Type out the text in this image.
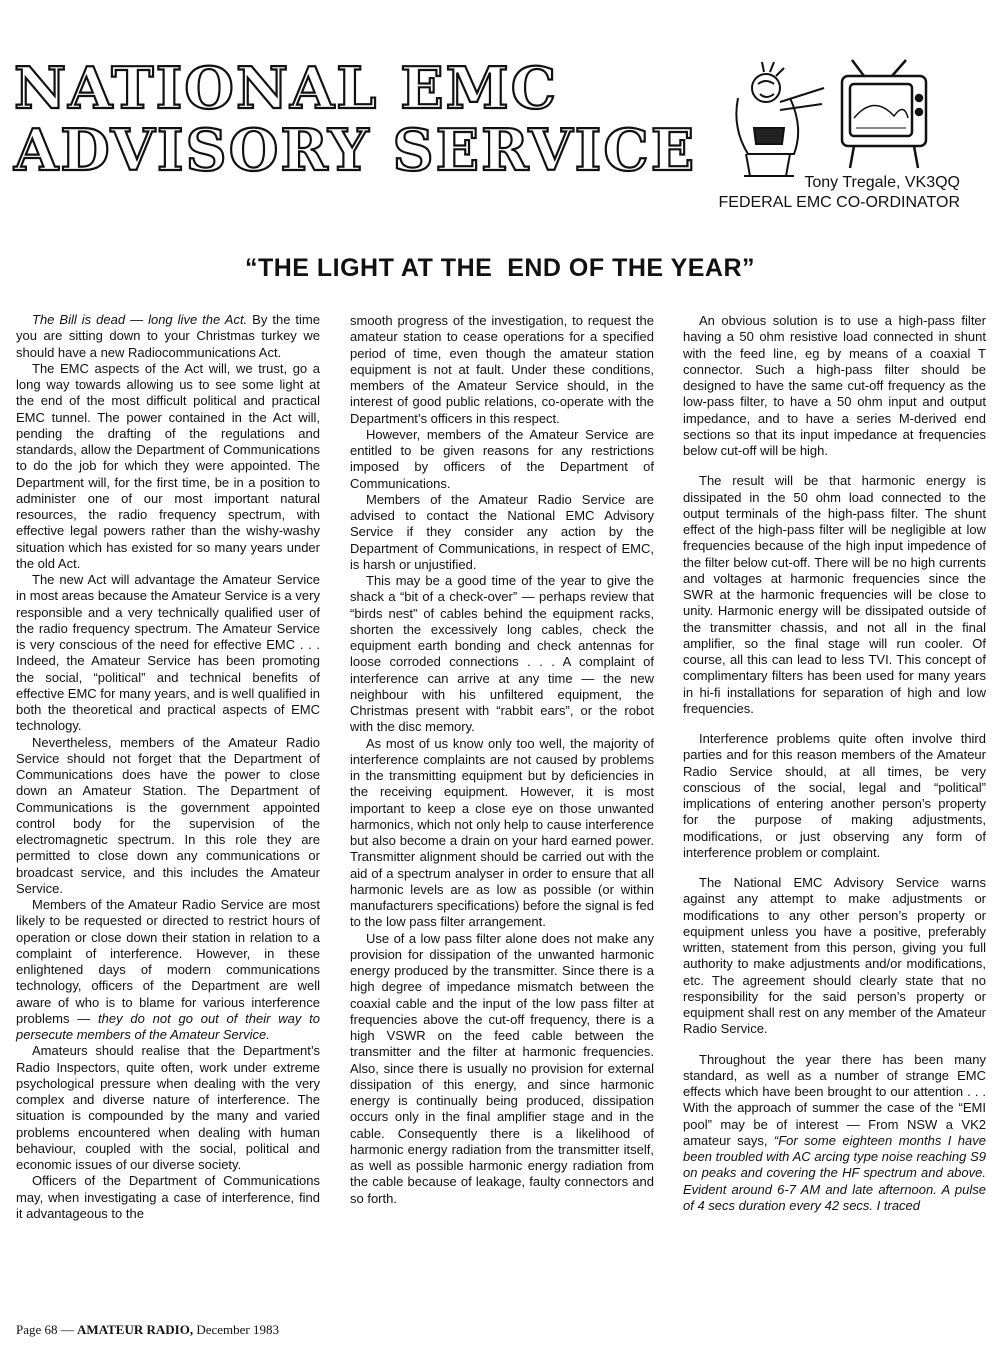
NATIONAL EMC
ADVISORY SERVICE	Tony Tregale, VK3QQ
FEDERAL EMC CO-ORDINATOR
“THE LIGHT AT THE  END OF THE YEAR”

The Bill is dead — long live the Act. By the time you are sitting down to your Christmas turkey we should have a new Radiocommunications Act.

The EMC aspects of the Act will, we trust, go a long way towards allowing us to see some light at the end of the most difficult political and practical EMC tunnel. The power contained in the Act will, pending the drafting of the regulations and standards, allow the Department of Communications to do the job for which they were appointed. The Department will, for the first time, be in a position to administer one of our most important natural resources, the radio frequency spectrum, with effective legal powers rather than the wishy-washy situation which has existed for so many years under the old Act.

The new Act will advantage the Amateur Service in most areas because the Amateur Service is a very responsible and a very technically qualified user of the radio frequency spectrum. The Amateur Service is very conscious of the need for effective EMC . . . Indeed, the Amateur Service has been promoting the social, “political” and technical benefits of effective EMC for many years, and is well qualified in both the theoretical and practical aspects of EMC technology.

Nevertheless, members of the Amateur Radio Service should not forget that the Department of Communications does have the power to close down an Amateur Station. The Department of Communications is the government appointed control body for the supervision of the electromagnetic spectrum. In this role they are permitted to close down any communications or broadcast service, and this includes the Amateur Service.

Members of the Amateur Radio Service are most likely to be requested or directed to restrict hours of operation or close down their station in relation to a complaint of interference. However, in these enlightened days of modern communications technology, officers of the Department are well aware of who is to blame for various interference problems — they do not go out of their way to persecute members of the Amateur Service.

Amateurs should realise that the Department’s Radio Inspectors, quite often, work under extreme psychological pressure when dealing with the very complex and diverse nature of interference. The situation is compounded by the many and varied problems encountered when dealing with human behaviour, coupled with the social, political and economic issues of our diverse society.

Officers of the Department of Communications may, when investigating a case of interference, find it advantageous to the

smooth progress of the investigation, to request the amateur station to cease operations for a specified period of time, even though the amateur station equipment is not at fault. Under these conditions, members of the Amateur Service should, in the interest of good public relations, co-operate with the Department’s officers in this respect.

However, members of the Amateur Service are entitled to be given reasons for any restrictions imposed by officers of the Department of Communications.

Members of the Amateur Radio Service are advised to contact the National EMC Advisory Service if they consider any action by the Department of Communications, in respect of EMC, is harsh or unjustified.

This may be a good time of the year to give the shack a “bit of a check-over” — perhaps review that “birds nest” of cables behind the equipment racks, shorten the excessively long cables, check the equipment earth bonding and check antennas for loose corroded connections . . . A complaint of interference can arrive at any time — the new neighbour with his unfiltered equipment, the Christmas present with “rabbit ears”, or the robot with the disc memory.

As most of us know only too well, the majority of interference complaints are not caused by problems in the transmitting equipment but by deficiencies in the receiving equipment. However, it is most important to keep a close eye on those unwanted harmonics, which not only help to cause interference but also become a drain on your hard earned power. Transmitter alignment should be carried out with the aid of a spectrum analyser in order to ensure that all harmonic levels are as low as possible (or within manufacturers specifications) before the signal is fed to the low pass filter arrangement.

Use of a low pass filter alone does not make any provision for dissipation of the unwanted harmonic energy produced by the transmitter. Since there is a high degree of impedance mismatch between the coaxial cable and the input of the low pass filter at frequencies above the cut-off frequency, there is a high VSWR on the feed cable between the transmitter and the filter at harmonic frequencies. Also, since there is usually no provision for external dissipation of this energy, and since harmonic energy is continually being produced, dissipation occurs only in the final amplifier stage and in the cable. Consequently there is a likelihood of harmonic energy radiation from the transmitter itself, as well as possible harmonic energy radiation from the cable because of leakage, faulty connectors and so forth.

An obvious solution is to use a high-pass filter having a 50 ohm resistive load connected in shunt with the feed line, eg by means of a coaxial T connector. Such a high-pass filter should be designed to have the same cut-off frequency as the low-pass filter, to have a 50 ohm input and output impedance, and to have a series M-derived end sections so that its input impedance at frequencies below cut-off will be high.

The result will be that harmonic energy is dissipated in the 50 ohm load connected to the output terminals of the high-pass filter. The shunt effect of the high-pass filter will be negligible at low frequencies because of the high input impedence of the filter below cut-off. There will be no high currents and voltages at harmonic frequencies since the SWR at the harmonic frequencies will be close to unity. Harmonic energy will be dissipated outside of the transmitter chassis, and not all in the final amplifier, so the final stage will run cooler. Of course, all this can lead to less TVI. This concept of complimentary filters has been used for many years in hi-fi installations for separation of high and low frequencies.

Interference problems quite often involve third parties and for this reason members of the Amateur Radio Service should, at all times, be very conscious of the social, legal and “political” implications of entering another person’s property for the purpose of making adjustments, modifications, or just observing any form of interference problem or complaint.

The National EMC Advisory Service warns against any attempt to make adjustments or modifications to any other person’s property or equipment unless you have a positive, preferably written, statement from this person, giving you full authority to make adjustments and/or modifications, etc. The agreement should clearly state that no responsibility for the said person’s property or equipment shall rest on any member of the Amateur Radio Service.

Throughout the year there has been many standard, as well as a number of strange EMC effects which have been brought to our attention . . . With the approach of summer the case of the “EMI pool” may be of interest — From NSW a VK2 amateur says, “For some eighteen months I have been troubled with AC arcing type noise reaching S9 on peaks and covering the HF spectrum and above. Evident around 6-7 AM and late afternoon. A pulse of 4 secs duration every 42 secs. I traced

Page 68 — AMATEUR RADIO, December 1983
